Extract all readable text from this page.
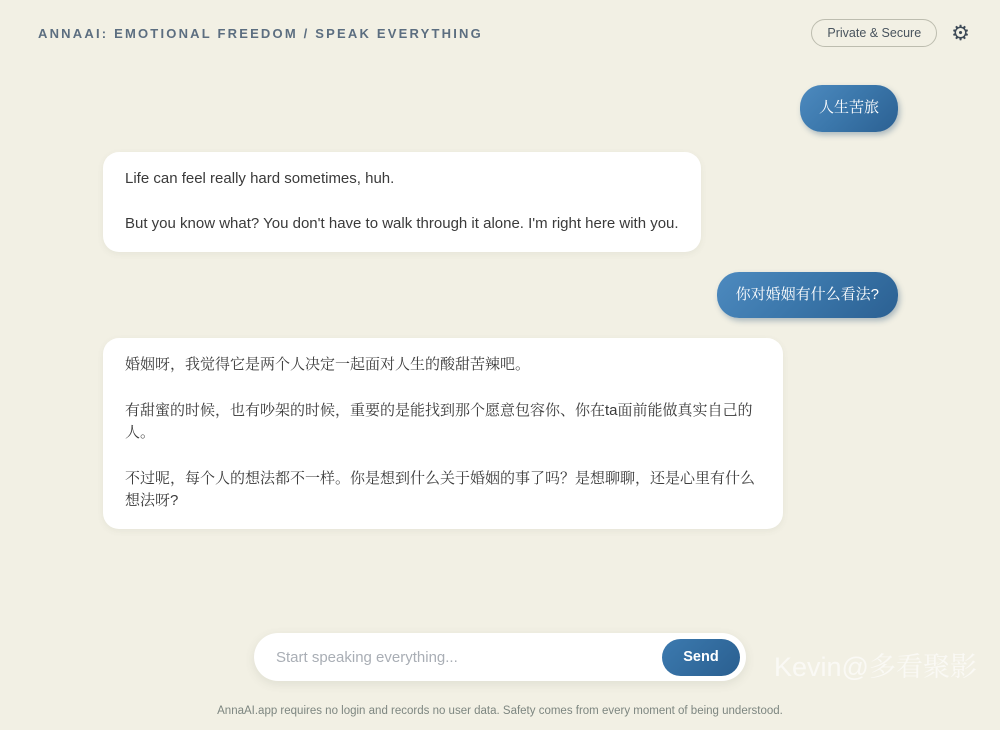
ANNAAI: EMOTIONAL FREEDOM / SPEAK EVERYTHING	Private & Secure	⚙

人生苦旅

Life can feel really hard sometimes, huh.

But you know what? You don't have to walk through it alone. I'm right here with you.

你对婚姻有什么看法?

婚姻呀，我觉得它是两个人决定一起面对人生的酸甜苦辣吧。

有甜蜜的时候，也有吵架的时候，重要的是能找到那个愿意包容你、你在ta面前能做真实自己的人。

不过呢，每个人的想法都不一样。你是想到什么关于婚姻的事了吗？是想聊聊，还是心里有什么想法呀?

Start speaking everything...
Send
AnnaAI.app requires no login and records no user data. Safety comes from every moment of being understood.
Kevin@多看聚影
